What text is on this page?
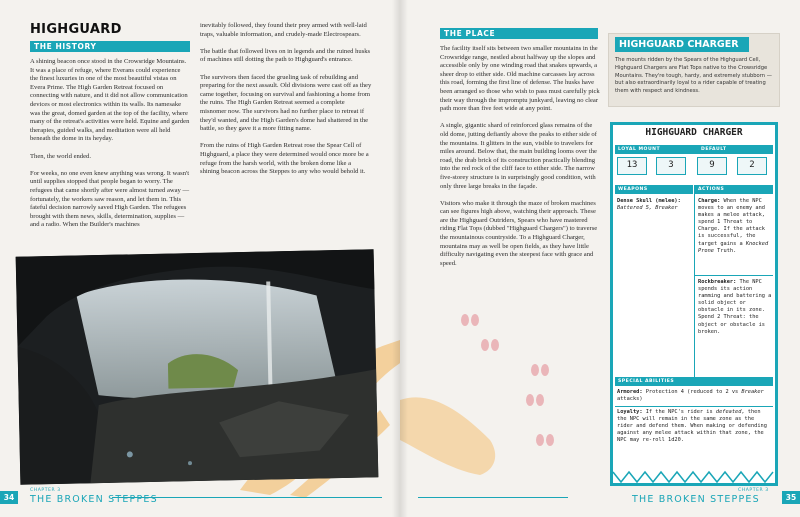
HIGHGUARD
THE HISTORY

A shining beacon once stood in the Crowsridge Mountains. It was a place of refuge, where Everans could experience the finest luxuries in one of the most beautiful vistas on Evera Prime. The High Garden Retreat focused on connecting with nature, and it did not allow communication devices or most electronics within its walls. Its namesake was the great, domed garden at the top of the facility, where many of the retreat's activities were held. Equine and garden therapies, guided walks, and meditation were all held beneath the dome in its heyday.

Then, the world ended.

For weeks, no one even knew anything was wrong. It wasn't until supplies stopped that people began to worry. The refugees that came shortly after were almost turned away — fortunately, the workers saw reason, and let them in. This fateful decision narrowly saved High Garden. The refugees brought with them news, skills, determination, supplies — and a radio. When the Builder's machines

inevitably followed, they found their prey armed with well-laid traps, valuable information, and crudely-made Electrospears.

The battle that followed lives on in legends and the ruined husks of machines still dotting the path to Highguard's entrance.

The survivors then faced the grueling task of rebuilding and preparing for the next assault. Old divisions were cast off as they came together, focusing on survival and fashioning a home from the ruins. The High Garden Retreat seemed a complete misnomer now. The survivors had no further place to retreat if they'd wanted, and the High Garden's dome had shattered in the battle, so they gave it a more fitting name.

From the ruins of High Garden Retreat rose the Spear Cell of Highguard, a place they were determined would once more be a refuge from the harsh world, with the broken dome like a shining beacon across the Steppes to any who would behold it.

CHAPTER 3
THE BROKEN STEPPES
34
THE PLACE

The facility itself sits between two smaller mountains in the Crowsridge range, nestled about halfway up the slopes and accessible only by one winding road that snakes upwards, a sheer drop to either side. Old machine carcasses lay across this road, forming the first line of defense. The husks have been arranged so those who wish to pass must carefully pick their way through the impromptu junkyard, leaving no clear path more than five feet wide at any point.

A single, gigantic shard of reinforced glass remains of the old dome, jutting defiantly above the peaks to either side of the mountains. It glitters in the sun, visible to travelers for miles around. Below that, the main building looms over the road, the drab brick of its construction practically blending into the red rock of the cliff face to either side. The narrow five-storey structure is in surprisingly good condition, with only three large breaks in the façade.

Visitors who make it through the maze of broken machines can see figures high above, watching their approach. These are the Highguard Outriders, Spears who have mastered riding Flat Tops (dubbed "Highguard Chargers") to traverse the mountainous countryside. To a Highguard Charger, mountains may as well be open fields, as they have little difficulty navigating even the steepest face with grace and speed.

HIGHGUARD CHARGER
The mounts ridden by the Spears of the Highguard Cell, Highguard Chargers are Flat Tops native to the Crowsridge Mountains. They're tough, hardy, and extremely stubborn — but also extraordinarily loyal to a rider capable of treating them with respect and kindness.
HIGHGUARD CHARGER
LOYAL MOUNT	DEFAULT
13	3	9	2
WEAPONS	ACTIONS
Dense Skull (melee): Battered 5, Breaker
Charge: When the NPC moves to an enemy and makes a melee attack, spend 1 Threat to Charge. If the attack is successful, the target gains a Knocked Prone Truth.
Rockbreaker: The NPC spends its action ramming and battering a solid object or obstacle in its zone. Spend 2 Threat: the object or obstacle is broken.
SPECIAL ABILITIES
Armored: Protection 4 (reduced to 2 vs Breaker attacks)
Loyalty: If the NPC's rider is defeated, then the NPC will remain in the same zone as the rider and defend them. When making or defending against any melee attack within that zone, the NPC may re-roll 1d20.
CHAPTER 3
THE BROKEN STEPPES	35
